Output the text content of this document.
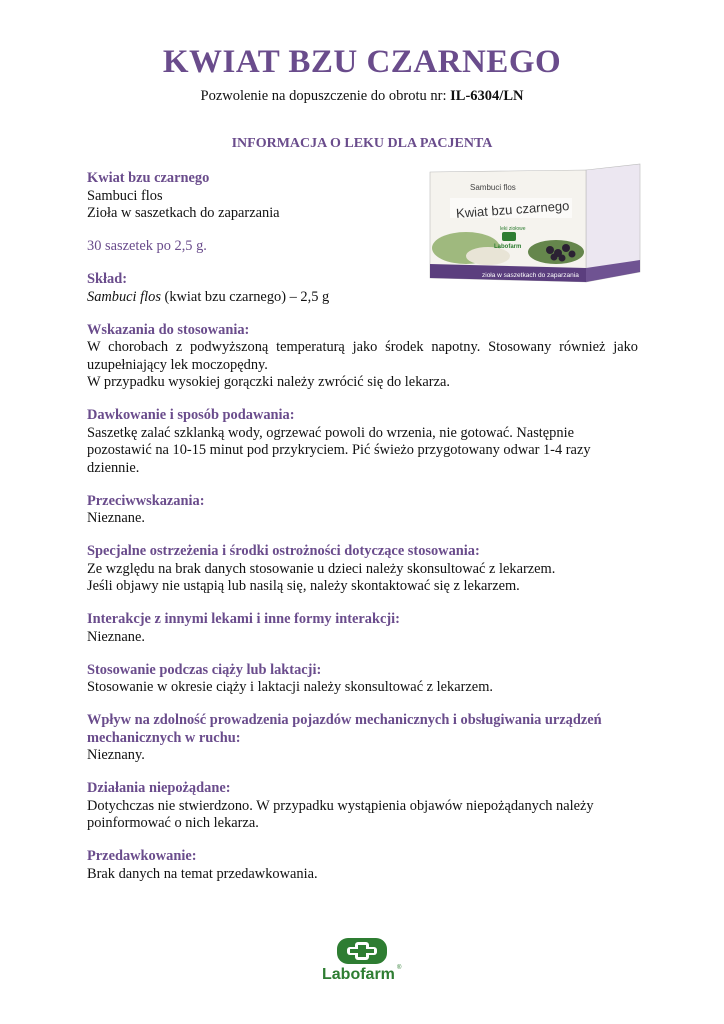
KWIAT BZU CZARNEGO
Pozwolenie na dopuszczenie do obrotu nr: IL-6304/LN
INFORMACJA O LEKU DLA PACJENTA
Sambuci flos
Kwiat bzu czarnego
leki ziołowe
Labofarm
zioła w saszetkach do zaparzania
Kwiat bzu czarnego
Sambuci flos
Zioła w saszetkach do zaparzania
30 saszetek po 2,5 g.
Skład:
Sambuci flos (kwiat bzu czarnego) – 2,5 g
Wskazania do stosowania:
W chorobach z podwyższoną temperaturą jako środek napotny. Stosowany również jako uzupełniający lek moczopędny.
W przypadku wysokiej gorączki należy zwrócić się do lekarza.
Dawkowanie i sposób podawania:
Saszetkę zalać szklanką wody, ogrzewać powoli do wrzenia, nie gotować. Następnie pozostawić na 10-15 minut pod przykryciem. Pić świeżo przygotowany odwar 1-4 razy dziennie.
Przeciwwskazania:
Nieznane.
Specjalne ostrzeżenia i środki ostrożności dotyczące stosowania:
Ze względu na brak danych stosowanie u dzieci należy skonsultować z lekarzem.
Jeśli objawy nie ustąpią lub nasilą się, należy skontaktować się z lekarzem.
Interakcje z innymi lekami i inne formy interakcji:
Nieznane.
Stosowanie podczas ciąży lub laktacji:
Stosowanie w okresie ciąży i laktacji należy skonsultować z lekarzem.
Wpływ na zdolność prowadzenia pojazdów mechanicznych i obsługiwania urządzeń mechanicznych w ruchu:
Nieznany.
Działania niepożądane:
Dotychczas nie stwierdzono. W przypadku wystąpienia objawów niepożądanych należy poinformować o nich lekarza.
Przedawkowanie:
Brak danych na temat przedawkowania.
Labofarm ®
